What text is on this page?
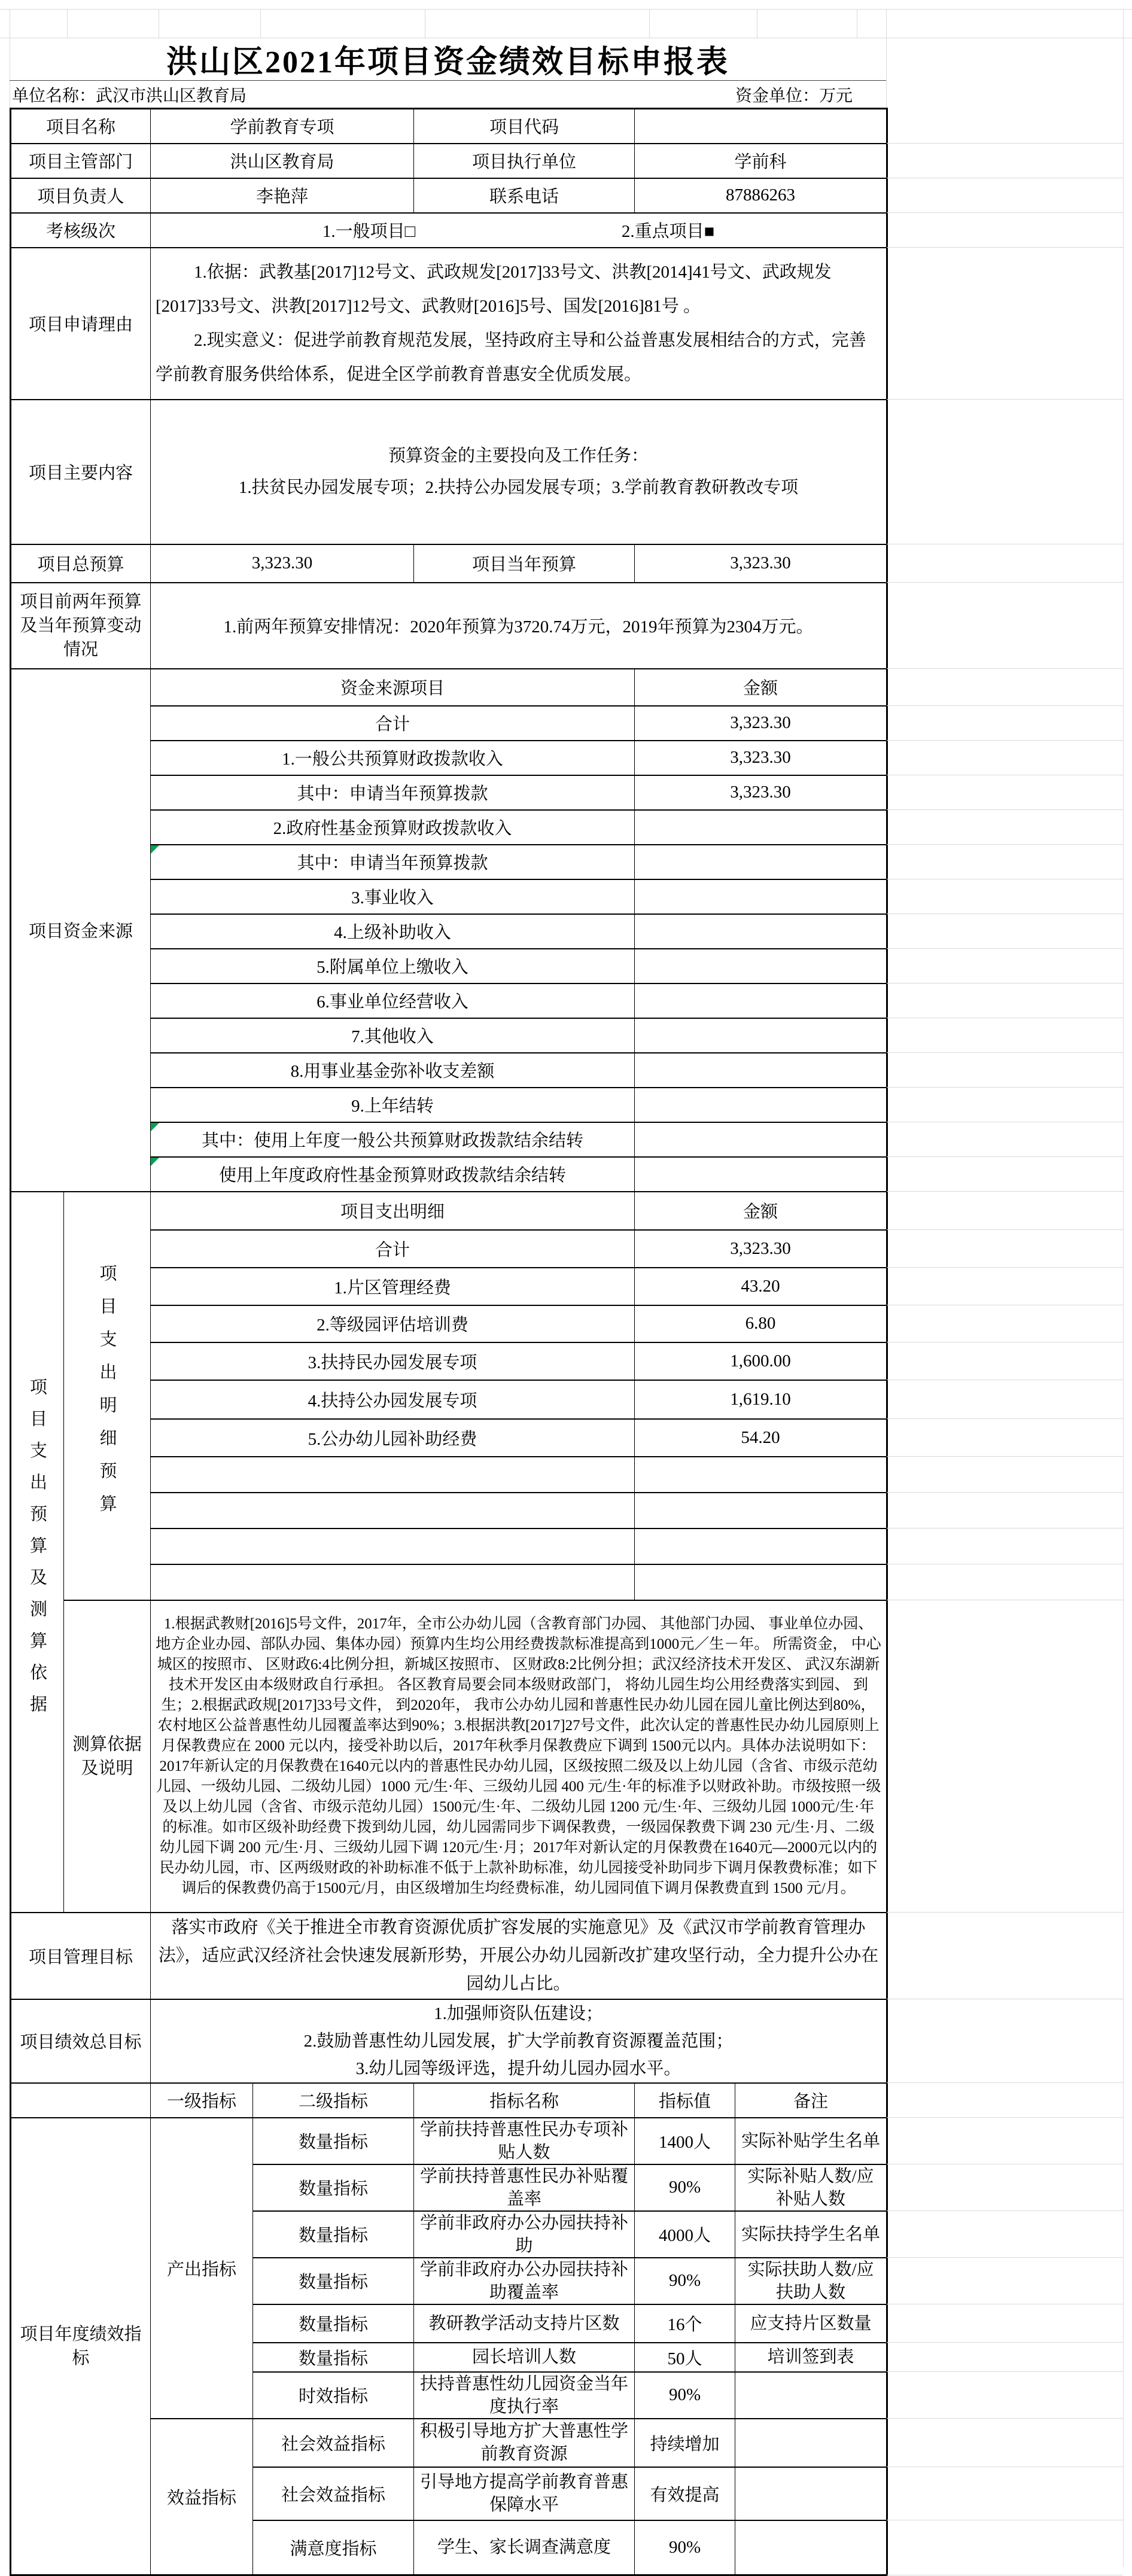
洪山区2021年项目资金绩效目标申报表
单位名称：武汉市洪山区教育局	资金单位：万元
项目名称		学前教育专项		项目代码		
项目主管部门		洪山区教育局		项目执行单位	学前科	
项目负责人		李艳萍		联系电话	87886263	
考核级次		1.一般项目□ 2.重点项目■				
项目申请理由		1.依据：武教基[2017]12号文、武政规发[2017]33号文、洪教[2014]41号文、武政规发[2017]33号文、洪教[2017]12号文、武教财[2016]5号、国发[2016]81号 。

2.现实意义：促进学前教育规范发展，坚持政府主导和公益普惠发展相结合的方式，完善学前教育服务供给体系，促进全区学前教育普惠安全优质发展。				

项目主要内容		预算资金的主要投向及工作任务：
1.扶贫民办园发展专项；2.扶持公办园发展专项；3.学前教育教研教改专项				

项目总预算		3,323.30		项目当年预算	3,323.30	
项目前两年预算及当年预算变动情况		1.前两年预算安排情况：2020年预算为3720.74万元，2019年预算为2304万元。				
项目资金来源		资金来源项目			金额	
		合计			3,323.30	
		1.一般公共预算财政拨款收入			3,323.30	
		其中：申请当年预算拨款			3,323.30	
		2.政府性基金预算财政拨款收入				
		其中：申请当年预算拨款				
		3.事业收入				
		4.上级补助收入				
		5.附属单位上缴收入				
		6.事业单位经营收入				
		7.其他收入				
		8.用事业基金弥补收支差额				
		9.上年结转				
		其中：使用上年度一般公共预算财政拨款结余结转				
		使用上年度政府性基金预算财政拨款结余结转				

项目支出预算及测算依据	项目支出明细预算	项目支出明细			金额	
		合计			3,323.30	
		1.片区管理经费			43.20	
		2.等级园评估培训费			6.80	
		3.扶持民办园发展专项			1,600.00	
		4.扶持公办园发展专项			1,619.10	
		5.公办幼儿园补助经费			54.20	

	测算依据及说明	1.根据武教财[2016]5号文件，2017年，全市公办幼儿园（含教育部门办园、 其他部门办园、 事业单位办园、 地方企业办园、部队办园、集体办园）预算内生均公用经费拨款标准提高到1000元／生－年。 所需资金， 中心城区的按照市、 区财政6:4比例分担，新城区按照市、 区财政8:2比例分担；武汉经济技术开发区、 武汉东湖新技术开发区由本级财政自行承担。 各区教育局要会同本级财政部门， 将幼儿园生均公用经费落实到园、 到生；2.根据武政规[2017]33号文件， 到2020年， 我市公办幼儿园和普惠性民办幼儿园在园儿童比例达到80%，农村地区公益普惠性幼儿园覆盖率达到90%；3.根据洪教[2017]27号文件，此次认定的普惠性民办幼儿园原则上月保教费应在 2000 元以内，接受补助以后，2017年秋季月保教费应下调到 1500元以内。具体办法说明如下：2017年新认定的月保教费在1640元以内的普惠性民办幼儿园，区级按照二级及以上幼儿园（含省、市级示范幼儿园、一级幼儿园、二级幼儿园）1000 元/生·年、三级幼儿园 400 元/生·年的标准予以财政补助。市级按照一级及以上幼儿园（含省、市级示范幼儿园）1500元/生·年、二级幼儿园 1200 元/生·年、三级幼儿园 1000元/生·年的标准。如市区级补助经费下拨到幼儿园，幼儿园需同步下调保教费，一级园保教费下调 230 元/生·月、二级幼儿园下调 200 元/生·月、三级幼儿园下调 120元/生·月；2017年对新认定的月保教费在1640元—2000元以内的民办幼儿园，市、区两级财政的补助标准不低于上款补助标准，幼儿园接受补助同步下调月保教费标准；如下调后的保教费仍高于1500元/月，由区级增加生均经费标准，幼儿园同值下调月保教费直到 1500 元/月。				
项目管理目标		落实市政府《关于推进全市教育资源优质扩容发展的实施意见》及《武汉市学前教育管理办法》，适应武汉经济社会快速发展新形势，开展公办幼儿园新改扩建攻坚行动，全力提升公办在园幼儿占比。				
项目绩效总目标		1.加强师资队伍建设；
2.鼓励普惠性幼儿园发展，扩大学前教育资源覆盖范围；
3.幼儿园等级评选，提升幼儿园办园水平。				

		一级指标	二级指标	指标名称	指标值	备注
项目年度绩效指标		产出指标	数量指标	学前扶持普惠性民办专项补贴人数	1400人	实际补贴学生名单
			数量指标	学前扶持普惠性民办补贴覆盖率	90%	实际补贴人数/应补贴人数
			数量指标	学前非政府办公办园扶持补助	4000人	实际扶持学生名单
			数量指标	学前非政府办公办园扶持补助覆盖率	90%	实际扶助人数/应扶助人数
			数量指标	教研教学活动支持片区数	16个	应支持片区数量
			数量指标	园长培训人数	50人	培训签到表
			时效指标	扶持普惠性幼儿园资金当年度执行率	90%	
		效益指标	社会效益指标	积极引导地方扩大普惠性学前教育资源	持续增加	
			社会效益指标	引导地方提高学前教育普惠保障水平	有效提高	
			满意度指标	学生、家长调查满意度	90%	
